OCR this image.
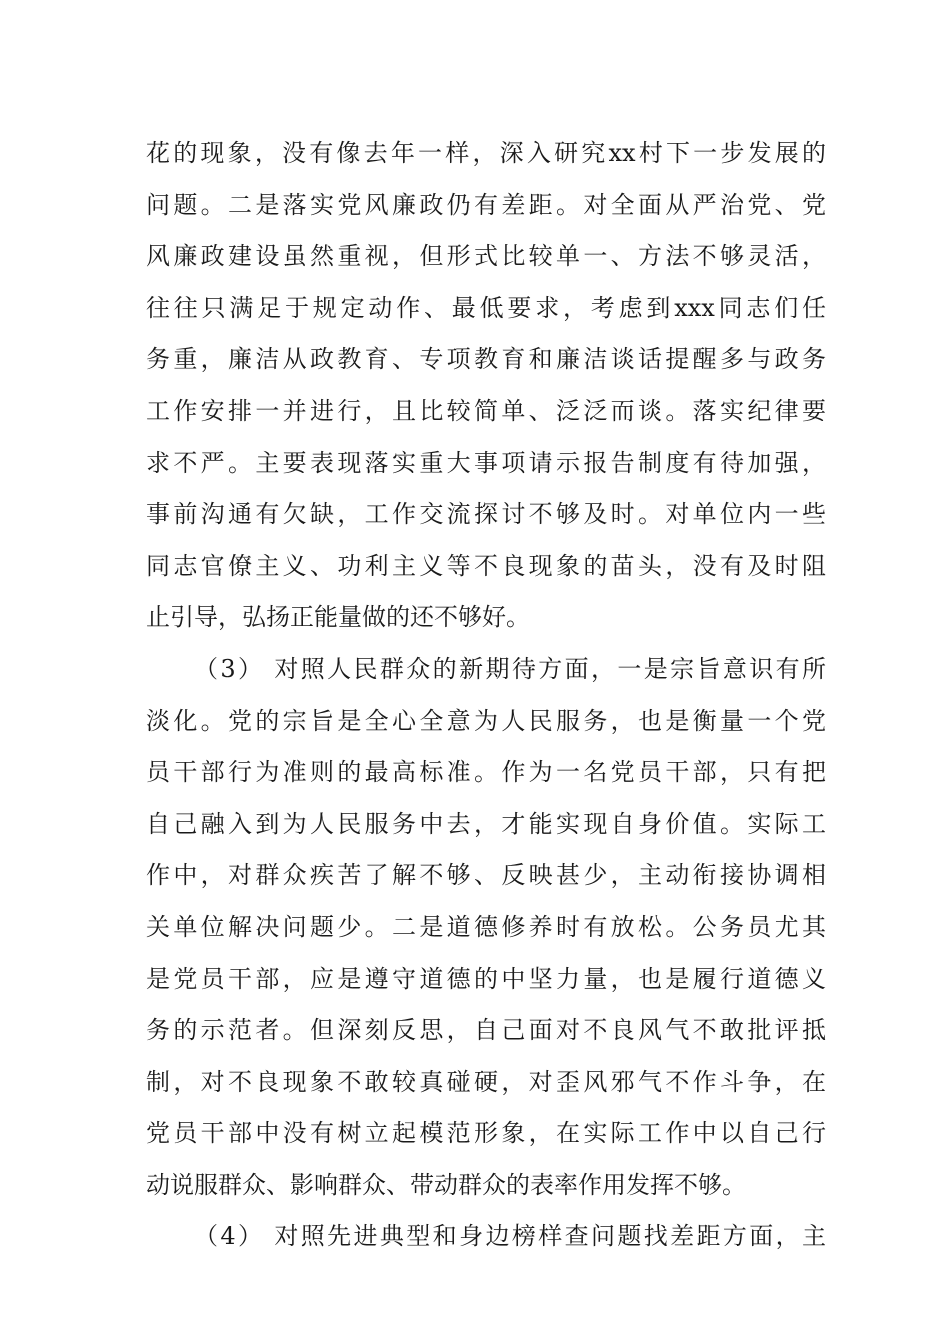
花的现象，没有像去年一样，深入研究xx村下一步发展的
问题。二是落实党风廉政仍有差距。对全面从严治党、党
风廉政建设虽然重视，但形式比较单一、方法不够灵活，
往往只满足于规定动作、最低要求，考虑到xxx同志们任
务重，廉洁从政教育、专项教育和廉洁谈话提醒多与政务
工作安排一并进行，且比较简单、泛泛而谈。落实纪律要
求不严。主要表现落实重大事项请示报告制度有待加强，
事前沟通有欠缺，工作交流探讨不够及时。对单位内一些
同志官僚主义、功利主义等不良现象的苗头，没有及时阻
止引导，弘扬正能量做的还不够好。
（3） 对照人民群众的新期待方面，一是宗旨意识有所
淡化。党的宗旨是全心全意为人民服务，也是衡量一个党
员干部行为准则的最高标准。作为一名党员干部，只有把
自己融入到为人民服务中去，才能实现自身价值。实际工
作中，对群众疾苦了解不够、反映甚少，主动衔接协调相
关单位解决问题少。二是道德修养时有放松。公务员尤其
是党员干部，应是遵守道德的中坚力量，也是履行道德义
务的示范者。但深刻反思，自己面对不良风气不敢批评抵
制，对不良现象不敢较真碰硬，对歪风邪气不作斗争，在
党员干部中没有树立起模范形象，在实际工作中以自己行
动说服群众、影响群众、带动群众的表率作用发挥不够。
（4） 对照先进典型和身边榜样查问题找差距方面，主
